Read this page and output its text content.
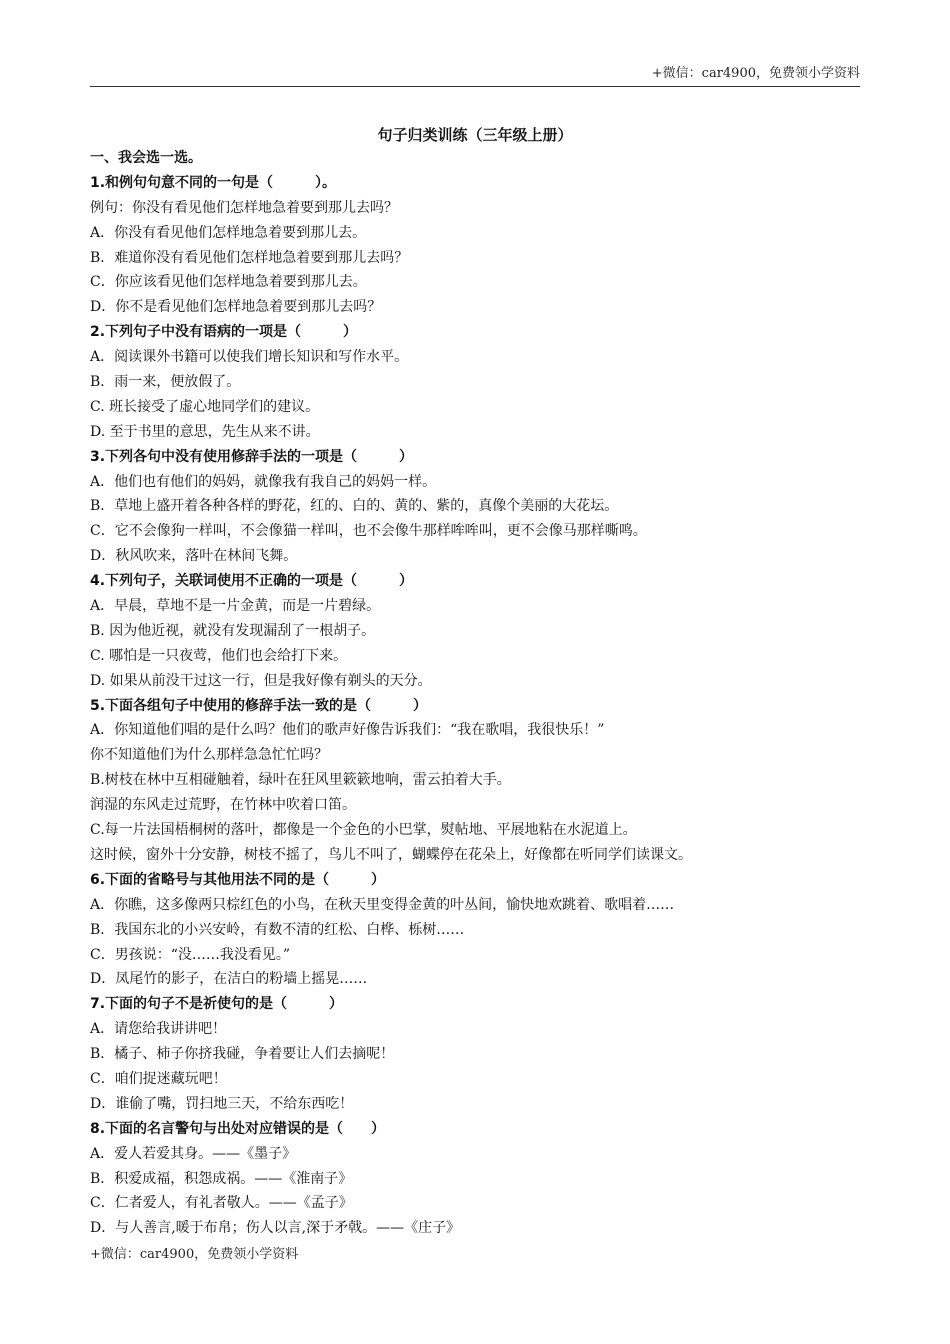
+微信：car4900，免费领小学资料
句子归类训练（三年级上册）
一、我会选一选。
1.和例句句意不同的一句是（　　　）。
例句：你没有看见他们怎样地急着要到那儿去吗？
A．你没有看见他们怎样地急着要到那儿去。
B．难道你没有看见他们怎样地急着要到那儿去吗？
C．你应该看见他们怎样地急着要到那儿去。
D．你不是看见他们怎样地急着要到那儿去吗？
2.下列句子中没有语病的一项是（　　　）
A．阅读课外书籍可以使我们增长知识和写作水平。
B．雨一来，便放假了。
C. 班长接受了虚心地同学们的建议。
D. 至于书里的意思，先生从来不讲。
3.下列各句中没有使用修辞手法的一项是（　　　）
A．他们也有他们的妈妈，就像我有我自己的妈妈一样。
B．草地上盛开着各种各样的野花，红的、白的、黄的、紫的，真像个美丽的大花坛。
C．它不会像狗一样叫，不会像猫一样叫，也不会像牛那样哞哞叫，更不会像马那样嘶鸣。
D．秋风吹来，落叶在林间飞舞。
4.下列句子，关联词使用不正确的一项是（　　　）
A．早晨，草地不是一片金黄，而是一片碧绿。
B. 因为他近视，就没有发现漏刮了一根胡子。
C. 哪怕是一只夜莺，他们也会给打下来。
D. 如果从前没干过这一行，但是我好像有剃头的天分。
5.下面各组句子中使用的修辞手法一致的是（　　　）
A．你知道他们唱的是什么吗？他们的歌声好像告诉我们：“我在歌唱，我很快乐！”
你不知道他们为什么那样急急忙忙吗？
B.树枝在林中互相碰触着，绿叶在狂风里簌簌地响，雷云拍着大手。
润湿的东风走过荒野，在竹林中吹着口笛。
C.每一片法国梧桐树的落叶，都像是一个金色的小巴掌，熨帖地、平展地粘在水泥道上。
这时候，窗外十分安静，树枝不摇了，鸟儿不叫了，蝴蝶停在花朵上，好像都在听同学们读课文。
6.下面的省略号与其他用法不同的是（　　　）
A．你瞧，这多像两只棕红色的小鸟，在秋天里变得金黄的叶丛间，愉快地欢跳着、歌唱着……
B．我国东北的小兴安岭，有数不清的红松、白桦、栎树……
C．男孩说：“没……我没看见。”
D．凤尾竹的影子，在洁白的粉墙上摇晃……
7.下面的句子不是祈使句的是（　　　）
A．请您给我讲讲吧！
B．橘子、柿子你挤我碰，争着要让人们去摘呢！
C．咱们捉迷藏玩吧！
D．谁偷了嘴，罚扫地三天，不给东西吃！
8.下面的名言警句与出处对应错误的是（　　）
A．爱人若爱其身。——《墨子》
B．积爱成福，积怨成祸。——《淮南子》
C．仁者爱人，有礼者敬人。——《孟子》
D．与人善言,暖于布帛；伤人以言,深于矛戟。——《庄子》
+微信：car4900，免费领小学资料
